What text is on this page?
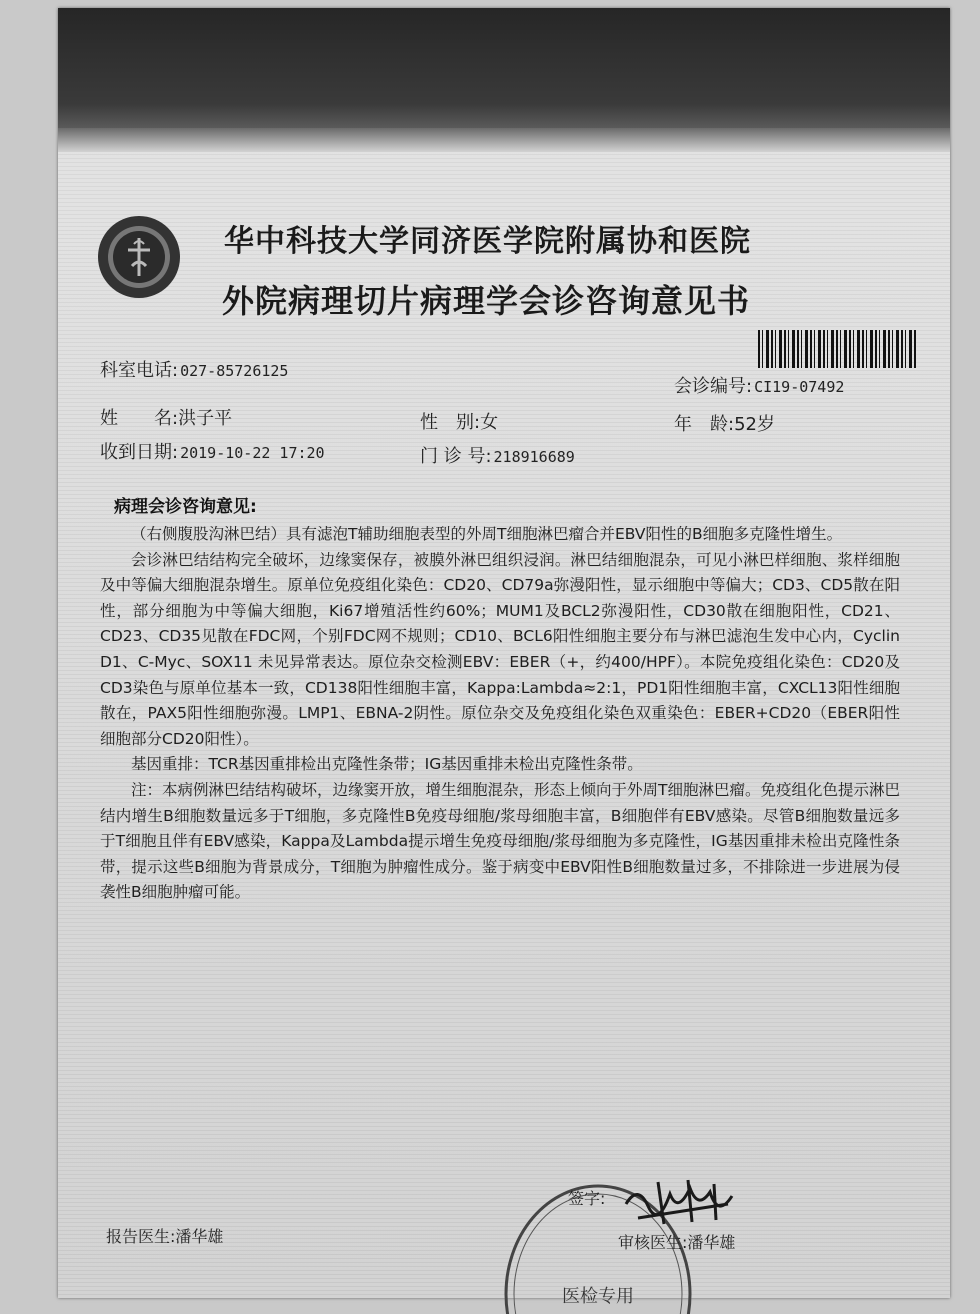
华中科技大学同济医学院附属协和医院
外院病理切片病理学会诊咨询意见书
科室电话: 027-85726125
会诊编号: CI19-07492
姓　　名:洪子平	性　别:女	年　龄:52岁
收到日期: 2019-10-22 17:20	门 诊 号: 218916689
病理会诊咨询意见:

（右侧腹股沟淋巴结）具有滤泡T辅助细胞表型的外周T细胞淋巴瘤合并EBV阳性的B细胞多克隆性增生。

会诊淋巴结结构完全破坏，边缘窦保存，被膜外淋巴组织浸润。淋巴结细胞混杂，可见小淋巴样细胞、浆样细胞及中等偏大细胞混杂增生。原单位免疫组化染色：CD20、CD79a弥漫阳性，显示细胞中等偏大；CD3、CD5散在阳性，部分细胞为中等偏大细胞，Ki67增殖活性约60%；MUM1及BCL2弥漫阳性，CD30散在细胞阳性，CD21、CD23、CD35见散在FDC网，个别FDC网不规则；CD10、BCL6阳性细胞主要分布与淋巴滤泡生发中心内，Cyclin D1、C-Myc、SOX11 未见异常表达。原位杂交检测EBV：EBER（+，约400/HPF）。本院免疫组化染色：CD20及CD3染色与原单位基本一致，CD138阳性细胞丰富，Kappa:Lambda≈2:1，PD1阳性细胞丰富，CXCL13阳性细胞散在，PAX5阳性细胞弥漫。LMP1、EBNA-2阴性。原位杂交及免疫组化染色双重染色：EBER+CD20（EBER阳性细胞部分CD20阳性）。

基因重排：TCR基因重排检出克隆性条带；IG基因重排未检出克隆性条带。

注：本病例淋巴结结构破坏，边缘窦开放，增生细胞混杂，形态上倾向于外周T细胞淋巴瘤。免疫组化色提示淋巴结内增生B细胞数量远多于T细胞，多克隆性B免疫母细胞/浆母细胞丰富，B细胞伴有EBV感染。尽管B细胞数量远多于T细胞且伴有EBV感染，Kappa及Lambda提示增生免疫母细胞/浆母细胞为多克隆性，IG基因重排未检出克隆性条带，提示这些B细胞为背景成分，T细胞为肿瘤性成分。鉴于病变中EBV阳性B细胞数量过多，不排除进一步进展为侵袭性B细胞肿瘤可能。

医检专用
签字:
报告医生:潘华雄	审核医生:潘华雄
